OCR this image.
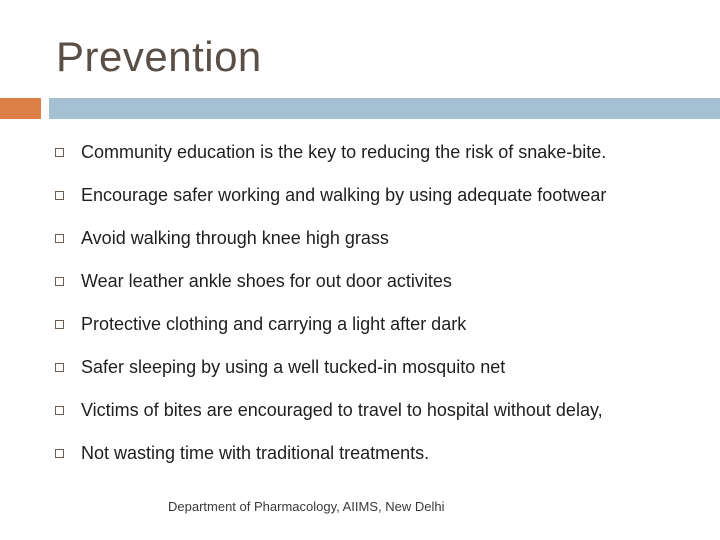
Prevention
Community education is the key to reducing the risk of snake-bite.
Encourage safer working and walking by using adequate footwear
Avoid walking through knee high grass
Wear leather ankle shoes for out door activites
Protective clothing and carrying a light after dark
Safer sleeping by using a well tucked-in mosquito net
Victims of bites are encouraged to travel to hospital without delay,
Not wasting time with traditional treatments.
Department of Pharmacology, AIIMS, New Delhi
